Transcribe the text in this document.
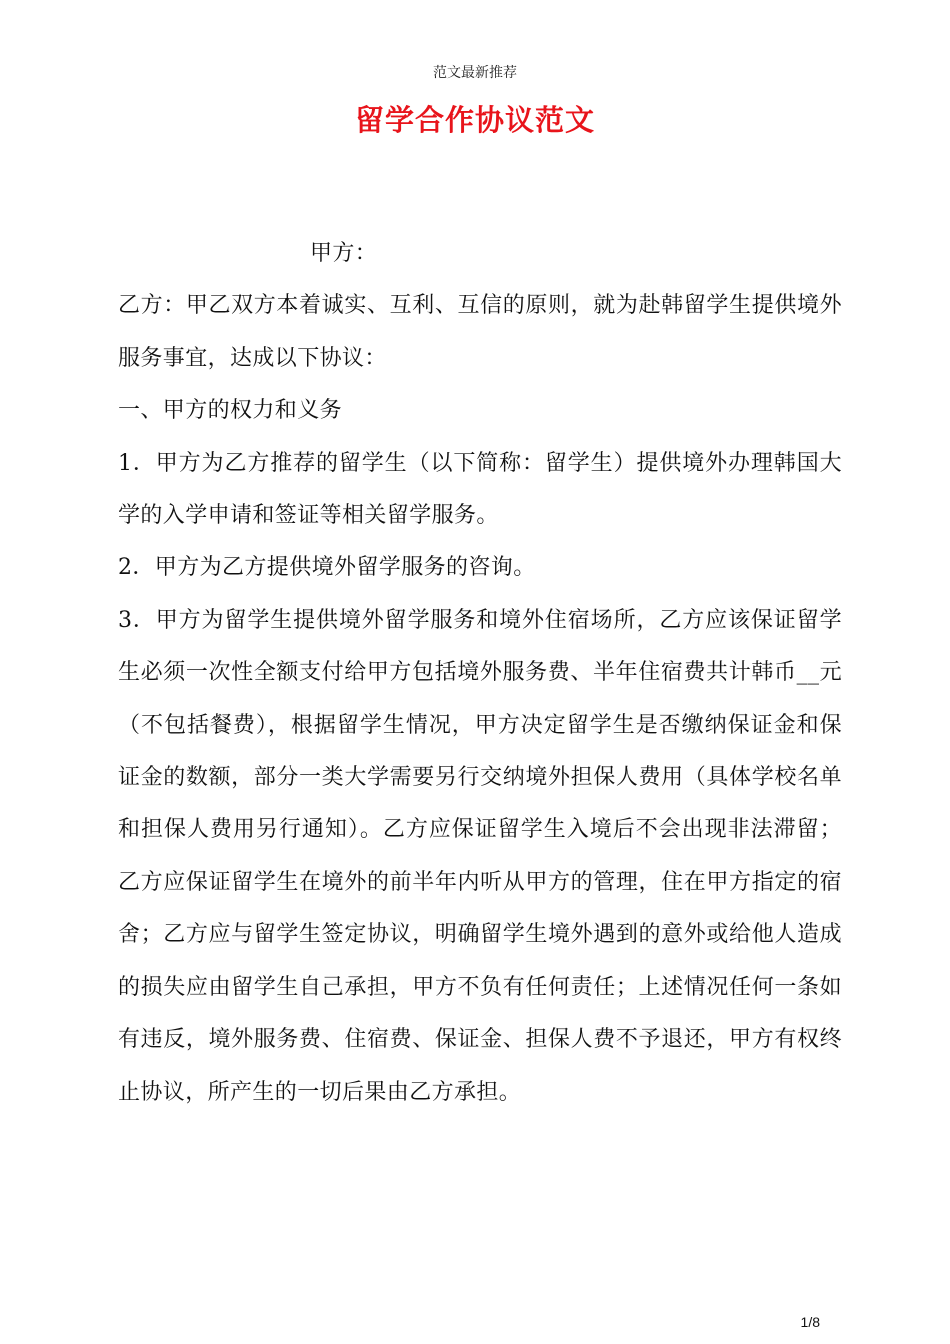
范文最新推荐
留学合作协议范文

甲方：

乙方：甲乙双方本着诚实、互利、互信的原则，就为赴韩留学生提供境外服务事宜，达成以下协议：

一、甲方的权力和义务

1．甲方为乙方推荐的留学生（以下简称：留学生）提供境外办理韩国大学的入学申请和签证等相关留学服务。

2．甲方为乙方提供境外留学服务的咨询。

3．甲方为留学生提供境外留学服务和境外住宿场所，乙方应该保证留学生必须一次性全额支付给甲方包括境外服务费、半年住宿费共计韩币__元（不包括餐费），根据留学生情况，甲方决定留学生是否缴纳保证金和保证金的数额，部分一类大学需要另行交纳境外担保人费用（具体学校名单和担保人费用另行通知）。乙方应保证留学生入境后不会出现非法滞留；乙方应保证留学生在境外的前半年内听从甲方的管理，住在甲方指定的宿舍；乙方应与留学生签定协议，明确留学生境外遇到的意外或给他人造成的损失应由留学生自己承担，甲方不负有任何责任；上述情况任何一条如有违反，境外服务费、住宿费、保证金、担保人费不予退还，甲方有权终止协议，所产生的一切后果由乙方承担。

1/8
